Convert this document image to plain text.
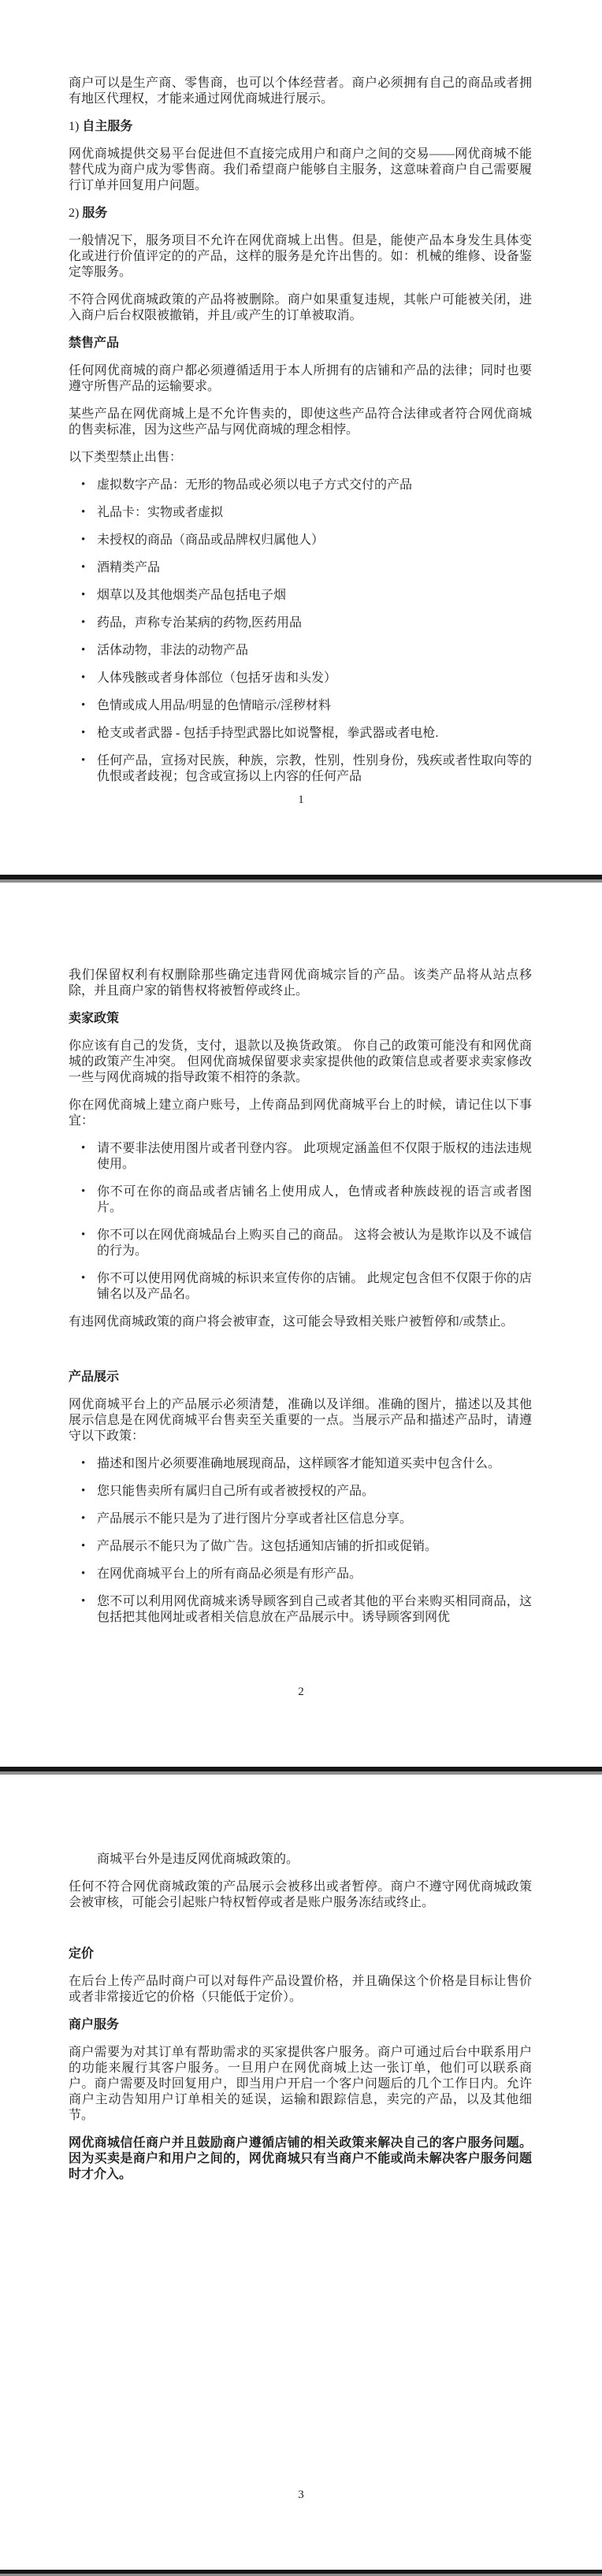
商户可以是生产商、零售商，也可以个体经营者。商户必须拥有自己的商品或者拥有地区代理权，才能来通过网优商城进行展示。

1) 自主服务

网优商城提供交易平台促进但不直接完成用户和商户之间的交易——网优商城不能替代成为商户成为零售商。我们希望商户能够自主服务，这意味着商户自己需要履行订单并回复用户问题。

2) 服务

一般情况下，服务项目不允许在网优商城上出售。但是，能使产品本身发生具体变化或进行价值评定的的产品，这样的服务是允许出售的。如：机械的维修、设备鉴定等服务。

不符合网优商城政策的产品将被删除。商户如果重复违规，其帐户可能被关闭，进入商户后台权限被撤销，并且/或产生的订单被取消。

禁售产品

任何网优商城的商户都必须遵循适用于本人所拥有的店铺和产品的法律；同时也要遵守所售产品的运输要求。

某些产品在网优商城上是不允许售卖的，即使这些产品符合法律或者符合网优商城的售卖标准，因为这些产品与网优商城的理念相悖。

以下类型禁止出售：

• 虚拟数字产品：无形的物品或必须以电子方式交付的产品
• 礼品卡：实物或者虚拟
• 未授权的商品（商品或品牌权归属他人）
• 酒精类产品
• 烟草以及其他烟类产品包括电子烟
• 药品，声称专治某病的药物,医药用品
• 活体动物，非法的动物产品
• 人体残骸或者身体部位（包括牙齿和头发）
• 色情或成人用品/明显的色情暗示/淫秽材料
• 枪支或者武器 - 包括手持型武器比如说警棍，拳武器或者电枪.
• 任何产品，宣扬对民族，种族，宗教，性别，性别身份，残疾或者性取向等的仇恨或者歧视；包含或宣扬以上内容的任何产品
1

我们保留权利有权删除那些确定违背网优商城宗旨的产品。该类产品将从站点移除，并且商户家的销售权将被暂停或终止。

卖家政策

你应该有自己的发货，支付，退款以及换货政策。 你自己的政策可能没有和网优商城的政策产生冲突。 但网优商城保留要求卖家提供他的政策信息或者要求卖家修改一些与网优商城的指导政策不相符的条款。

你在网优商城上建立商户账号，上传商品到网优商城平台上的时候，请记住以下事宜：

• 请不要非法使用图片或者刊登内容。 此项规定涵盖但不仅限于版权的违法违规使用。
• 你不可在你的商品或者店铺名上使用成人，色情或者种族歧视的语言或者图片。
• 你不可以在网优商城品台上购买自己的商品。 这将会被认为是欺诈以及不诚信的行为。
• 你不可以使用网优商城的标识来宣传你的店铺。 此规定包含但不仅限于你的店铺名以及产品名。

有违网优商城政策的商户将会被审查，这可能会导致相关账户被暂停和/或禁止。

产品展示

网优商城平台上的产品展示必须清楚，准确以及详细。准确的图片，描述以及其他展示信息是在网优商城平台售卖至关重要的一点。当展示产品和描述产品时，请遵守以下政策：

• 描述和图片必须要准确地展现商品，这样顾客才能知道买卖中包含什么。
• 您只能售卖所有属归自己所有或者被授权的产品。
• 产品展示不能只是为了进行图片分享或者社区信息分享。
• 产品展示不能只为了做广告。这包括通知店铺的折扣或促销。
• 在网优商城平台上的所有商品必须是有形产品。
• 您不可以利用网优商城来诱导顾客到自己或者其他的平台来购买相同商品，这包括把其他网址或者相关信息放在产品展示中。诱导顾客到网优
2

商城平台外是违反网优商城政策的。

任何不符合网优商城政策的产品展示会被移出或者暂停。商户不遵守网优商城政策会被审核，可能会引起账户特权暂停或者是账户服务冻结或终止。

定价

在后台上传产品时商户可以对每件产品设置价格，并且确保这个价格是目标让售价或者非常接近它的价格（只能低于定价）。

商户服务

商户需要为对其订单有帮助需求的买家提供客户服务。商户可通过后台中联系用户的功能来履行其客户服务。一旦用户在网优商城上达一张订单，他们可以联系商户。商户需要及时回复用户，即当用户开启一个客户问题后的几个工作日内。允许商户主动告知用户订单相关的延误，运输和跟踪信息，卖完的产品，以及其他细节。

网优商城信任商户并且鼓励商户遵循店铺的相关政策来解决自己的客户服务问题。因为买卖是商户和用户之间的，网优商城只有当商户不能或尚未解决客户服务问题时才介入。

3
